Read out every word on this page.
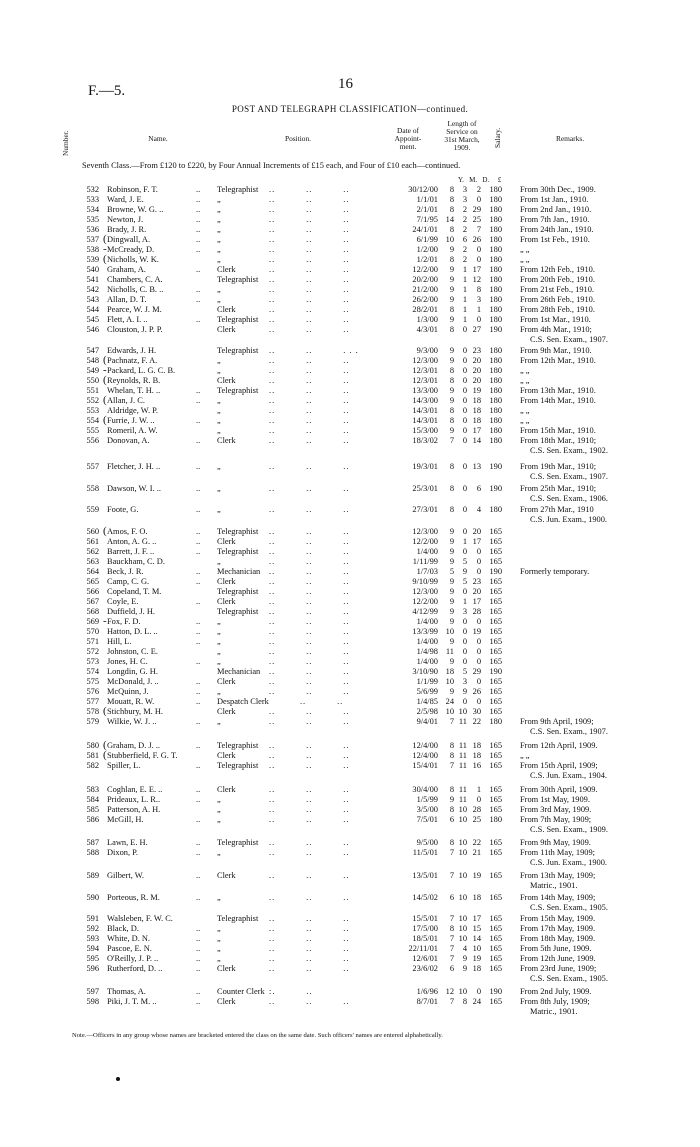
F.—5.	16
POST AND TELEGRAPH CLASSIFICATION—continued.
Number.	Name.	Position.
Date of
Appoint-
ment.
Length of
Service on
31st March,
1909.	Salary.	Remarks.
Seventh Class.—From £120 to £220, by Four Annual Increments of £15 each, and Four of £10 each—continued.
Y.   M.   D.     £
532 Robinson, F. T.	.. Telegraphist ..          ..          ..	30/12/00	8	3	2	180 From 30th Dec., 1909.
533 Ward, J. E.	.. „	..          ..          ..	1/1/01	8	3	0	180 From 1st Jan., 1910.
534 Browne, W. G. ..	.. „	..          ..          ..	2/1/01	8	2 29	180 From 2nd Jan., 1910.
535 Newton, J.	.. „	..          ..          ..	7/1/95 14	2 25	180 From 7th Jan., 1910.
536 Brady, J. R.	.. „	..          ..          ..	24/1/01	8	2	7	180 From 24th Jan., 1910.
537 ( Dingwall, A.	.. „	..          ..          ..	6/1/99 10	6 26	180 From 1st Feb., 1910.
538 - McCready, D.	.. „	..          ..          ..	1/2/00	9	2	0	180 „ „
539 ( Nicholls, W. K.	„	..          ..          ..	1/2/01	8	2	0	180 „ „
540 Graham, A.	.. Clerk	..          ..          ..	12/2/00	9	1 17	180 From 12th Feb., 1910.
541 Chambers, C. A.	Telegraphist ..          ..          ..	20/2/00	9	1 12	180 From 20th Feb., 1910.
542 Nicholls, C. B. ..	.. „	..          ..          ..	21/2/00	9	1	8	180 From 21st Feb., 1910.
543 Allan, D. T.	.. „	..          ..          ..	26/2/00	9	1	3	180 From 26th Feb., 1910.
544 Pearce, W. J. M.	Clerk	..          ..          ..	28/2/01	8	1	1	180 From 28th Feb., 1910.
545 Flett, A. I. ..	.. Telegraphist ..          ..          ..	1/3/00	9	1	0	180 From 1st Mar., 1910.
546 Clouston, J. P. P.	Clerk	..          ..          ..	4/3/01	8	0 27	190 From 4th Mar., 1910;
C.S. Sen. Exam., 1907.
547 Edwards, J. H.	Telegraphist ..          ..          . . .	9/3/00	9	0 23	180 From 9th Mar., 1910.
548 ( Pachnatz, F. A.	„	..          ..          ..	12/3/00	9	0 20	180 From 12th Mar., 1910.
549 - Packard, L. G. C. B.	„	..          ..          ..	12/3/01	8	0 20	180 „ „
550 ( Reynolds, R. B.	Clerk	..          ..          ..	12/3/01	8	0 20	180 „ „
551 Whelan, T. H. ..	.. Telegraphist ..          ..          ..	13/3/00	9	0 19	180 From 13th Mar., 1910.
552 ( Allan, J. C.	.. „	..          ..          ..	14/3/00	9	0 18	180 From 14th Mar., 1910.
553 Aldridge, W. P.	„	..          ..          ..	14/3/01	8	0 18	180 „ „
554 ( Furrie, J. W. ..	.. „	..          ..          ..	14/3/01	8	0 18	180 „ „
555 Romeril, A. W.	„	..          ..          ..	15/3/00	9	0 17	180 From 15th Mar., 1910.
556 Donovan, A.	.. Clerk	..          ..          ..	18/3/02	7	0 14	180 From 18th Mar., 1910;
C.S. Sen. Exam., 1902.
557 Fletcher, J. H. ..	.. „	..          ..          ..	19/3/01	8	0 13	190 From 19th Mar., 1910;
C.S. Sen. Exam., 1907.
558 Dawson, W. I. ..	.. „	..          ..          ..	25/3/01	8	0	6	190 From 25th Mar., 1910;
C.S. Sen. Exam., 1906.
559 Foote, G.	.. „	..          ..          ..	27/3/01	8	0	4	180 From 27th Mar., 1910
C.S. Jun. Exam., 1900.
560 ( Amos, F. O.	.. Telegraphist ..          ..          ..	12/3/00	9	0 20	165
561 Anton, A. G. ..	.. Clerk	..          ..          ..	12/2/00	9	1 17	165
562 Barrett, J. F. ..	.. Telegraphist ..          ..          ..	1/4/00	9	0	0	165
563 Bauckham, C. D.	„	..          ..          ..	1/11/99	9	5	0	165
564 Beck, J. R.	.. Mechanician ..          ..          ..	1/7/03	5	9	0	190 Formerly temporary.
565 Camp, C. G.	.. Clerk	..          ..          ..	9/10/99	9	5 23	165
566 Copeland, T. M.	Telegraphist ..          ..          ..	12/3/00	9	0 20	165
567 Coyle, E.	.. Clerk	..          ..          ..	12/2/00	9	1 17	165
568 Duffield, J. H.	Telegraphist ..          ..          ..	4/12/99	9	3 28	165
569 - Fox, F. D.	.. „	..          ..          ..	1/4/00	9	0	0	165
570 Hatton, D. L. ..	.. „	..          ..          ..	13/3/99 10	0 19	165
571 Hill, L.	.. „	..          ..          ..	1/4/00	9	0	0	165
572 Johnston, C. E.	„	..          ..          ..	1/4/98 11	0	0	165
573 Jones, H. C.	.. „	..          ..          ..	1/4/00	9	0	0	165
574 Longdin, G. H.	Mechanician ..          ..          ..	3/10/90 18	5 29	190
575 McDonald, J. ..	.. Clerk	..          ..          ..	1/1/99 10	3	0	165
576 McQuinn, J.	.. „	..          ..          ..	5/6/99	9	9 26	165
577 Mouatt, R. W.	.. Despatch Clerk ..          ..	1/4/85 24	0	0	165
578 ( Stichbury, M. H.	Clerk	..          ..          ..	2/5/98 10 10 30	165
579 Wilkie, W. J. ..	.. „	..          ..          ..	9/4/01	7 11 22	180 From 9th April, 1909;
C.S. Sen. Exam., 1907.
580 ( Graham, D. J. ..	.. Telegraphist ..          ..          ..	12/4/00	8 11 18	165 From 12th April, 1909.
581 ( Stubberfield, F. G. T.	Clerk	..          ..          ..	12/4/00	8 11 18	165 „ „
582 Spiller, L.	.. Telegraphist ..          ..          ..	15/4/01	7 11 16	165 From 15th April, 1909;
C.S. Jun. Exam., 1904.
583 Coghlan, E. E. ..	.. Clerk	..          ..          ..	30/4/00	8 11	1	165 From 30th April, 1909.
584 Prideaux, L. R..	.. „	..          ..          ..	1/5/99	9 11	0	165 From 1st May, 1909.
585 Patterson, A. H.	„	..          ..          ..	3/5/00	8 10 28	165 From 3rd May, 1909.
586 McGill, H.	.. „	..          ..          ..	7/5/01	6 10 25	180 From 7th May, 1909;
C.S. Sen. Exam., 1909.
587 Lawn, E. H.	.. Telegraphist ..          ..          ..	9/5/00	8 10 22	165 From 9th May, 1909.
588 Dixon, P.	.. „	..          ..          ..	11/5/01	7 10 21	165 From 11th May, 1909;
C.S. Jun. Exam., 1900.
589 Gilbert, W.	.. Clerk	..          ..          ..	13/5/01	7 10 19	165 From 13th May, 1909;
Matric., 1901.
590 Porteous, R. M.	.. „	..          ..          ..	14/5/02	6 10 18	165 From 14th May, 1909;
C.S. Sen. Exam., 1905.
591 Walsleben, F. W. C.	Telegraphist ..          ..          ..	15/5/01	7 10 17	165 From 15th May, 1909.
592 Black, D.	.. „	..          ..          ..	17/5/00	8 10 15	165 From 17th May, 1909.
593 White, D. N.	.. „	..          ..          ..	18/5/01	7 10 14	165 From 18th May, 1909.
594 Pascoe, E. N.	.. „	..          ..          ..	22/11/01	7	4 10	165 From 5th June, 1909.
595 O'Reilly, J. P. ..	.. „	..          ..          ..	12/6/01	7	9 19	165 From 12th June, 1909.
596 Rutherford, D. ..	.. Clerk	..          ..          ..	23/6/02	6	9 18	165 From 23rd June, 1909;
C.S. Sen. Exam., 1905.
597 Thomas, A.	.. Counter Clerk :.          ..	1/6/96 12 10	0	190 From 2nd July, 1909.
598 Piki, J. T. M. ..	.. Clerk	..          ..          ..	8/7/01	7	8 24	165 From 8th July, 1909;
Matric., 1901.
Note.—Officers in any group whose names are bracketed entered the class on the same date. Such officers' names are entered alphabetically.
